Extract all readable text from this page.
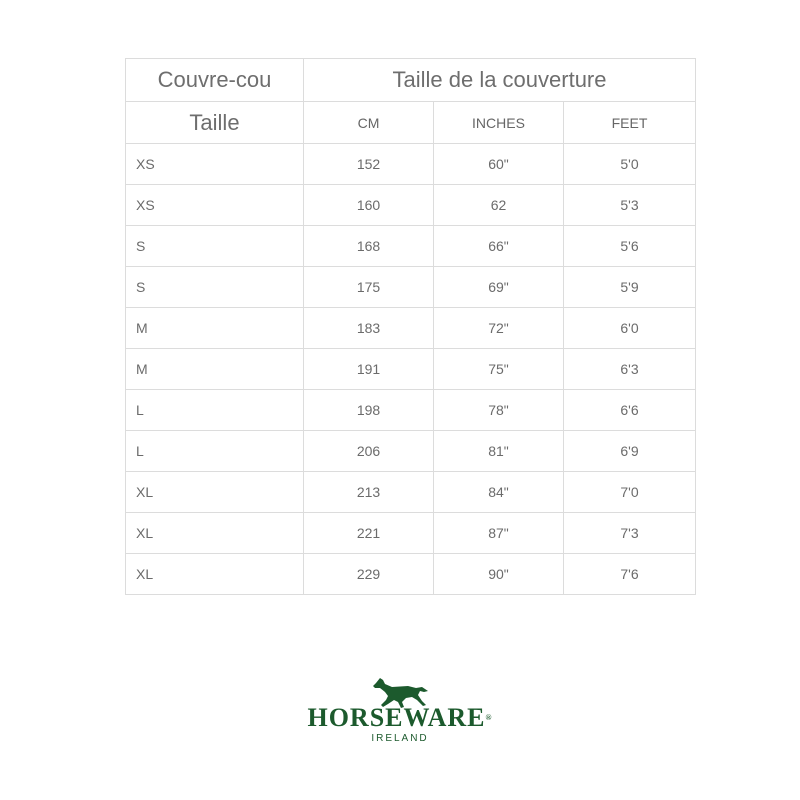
Couvre-cou	Taille de la couverture		
Taille	CM	INCHES	FEET
XS	152	60"	5'0
XS	160	62	5'3
S	168	66"	5'6
S	175	69"	5'9
M	183	72"	6'0
M	191	75"	6'3
L	198	78"	6'6
L	206	81"	6'9
XL	213	84"	7'0
XL	221	87"	7'3
XL	229	90"	7'6
HORSEWARE®
IRELAND
